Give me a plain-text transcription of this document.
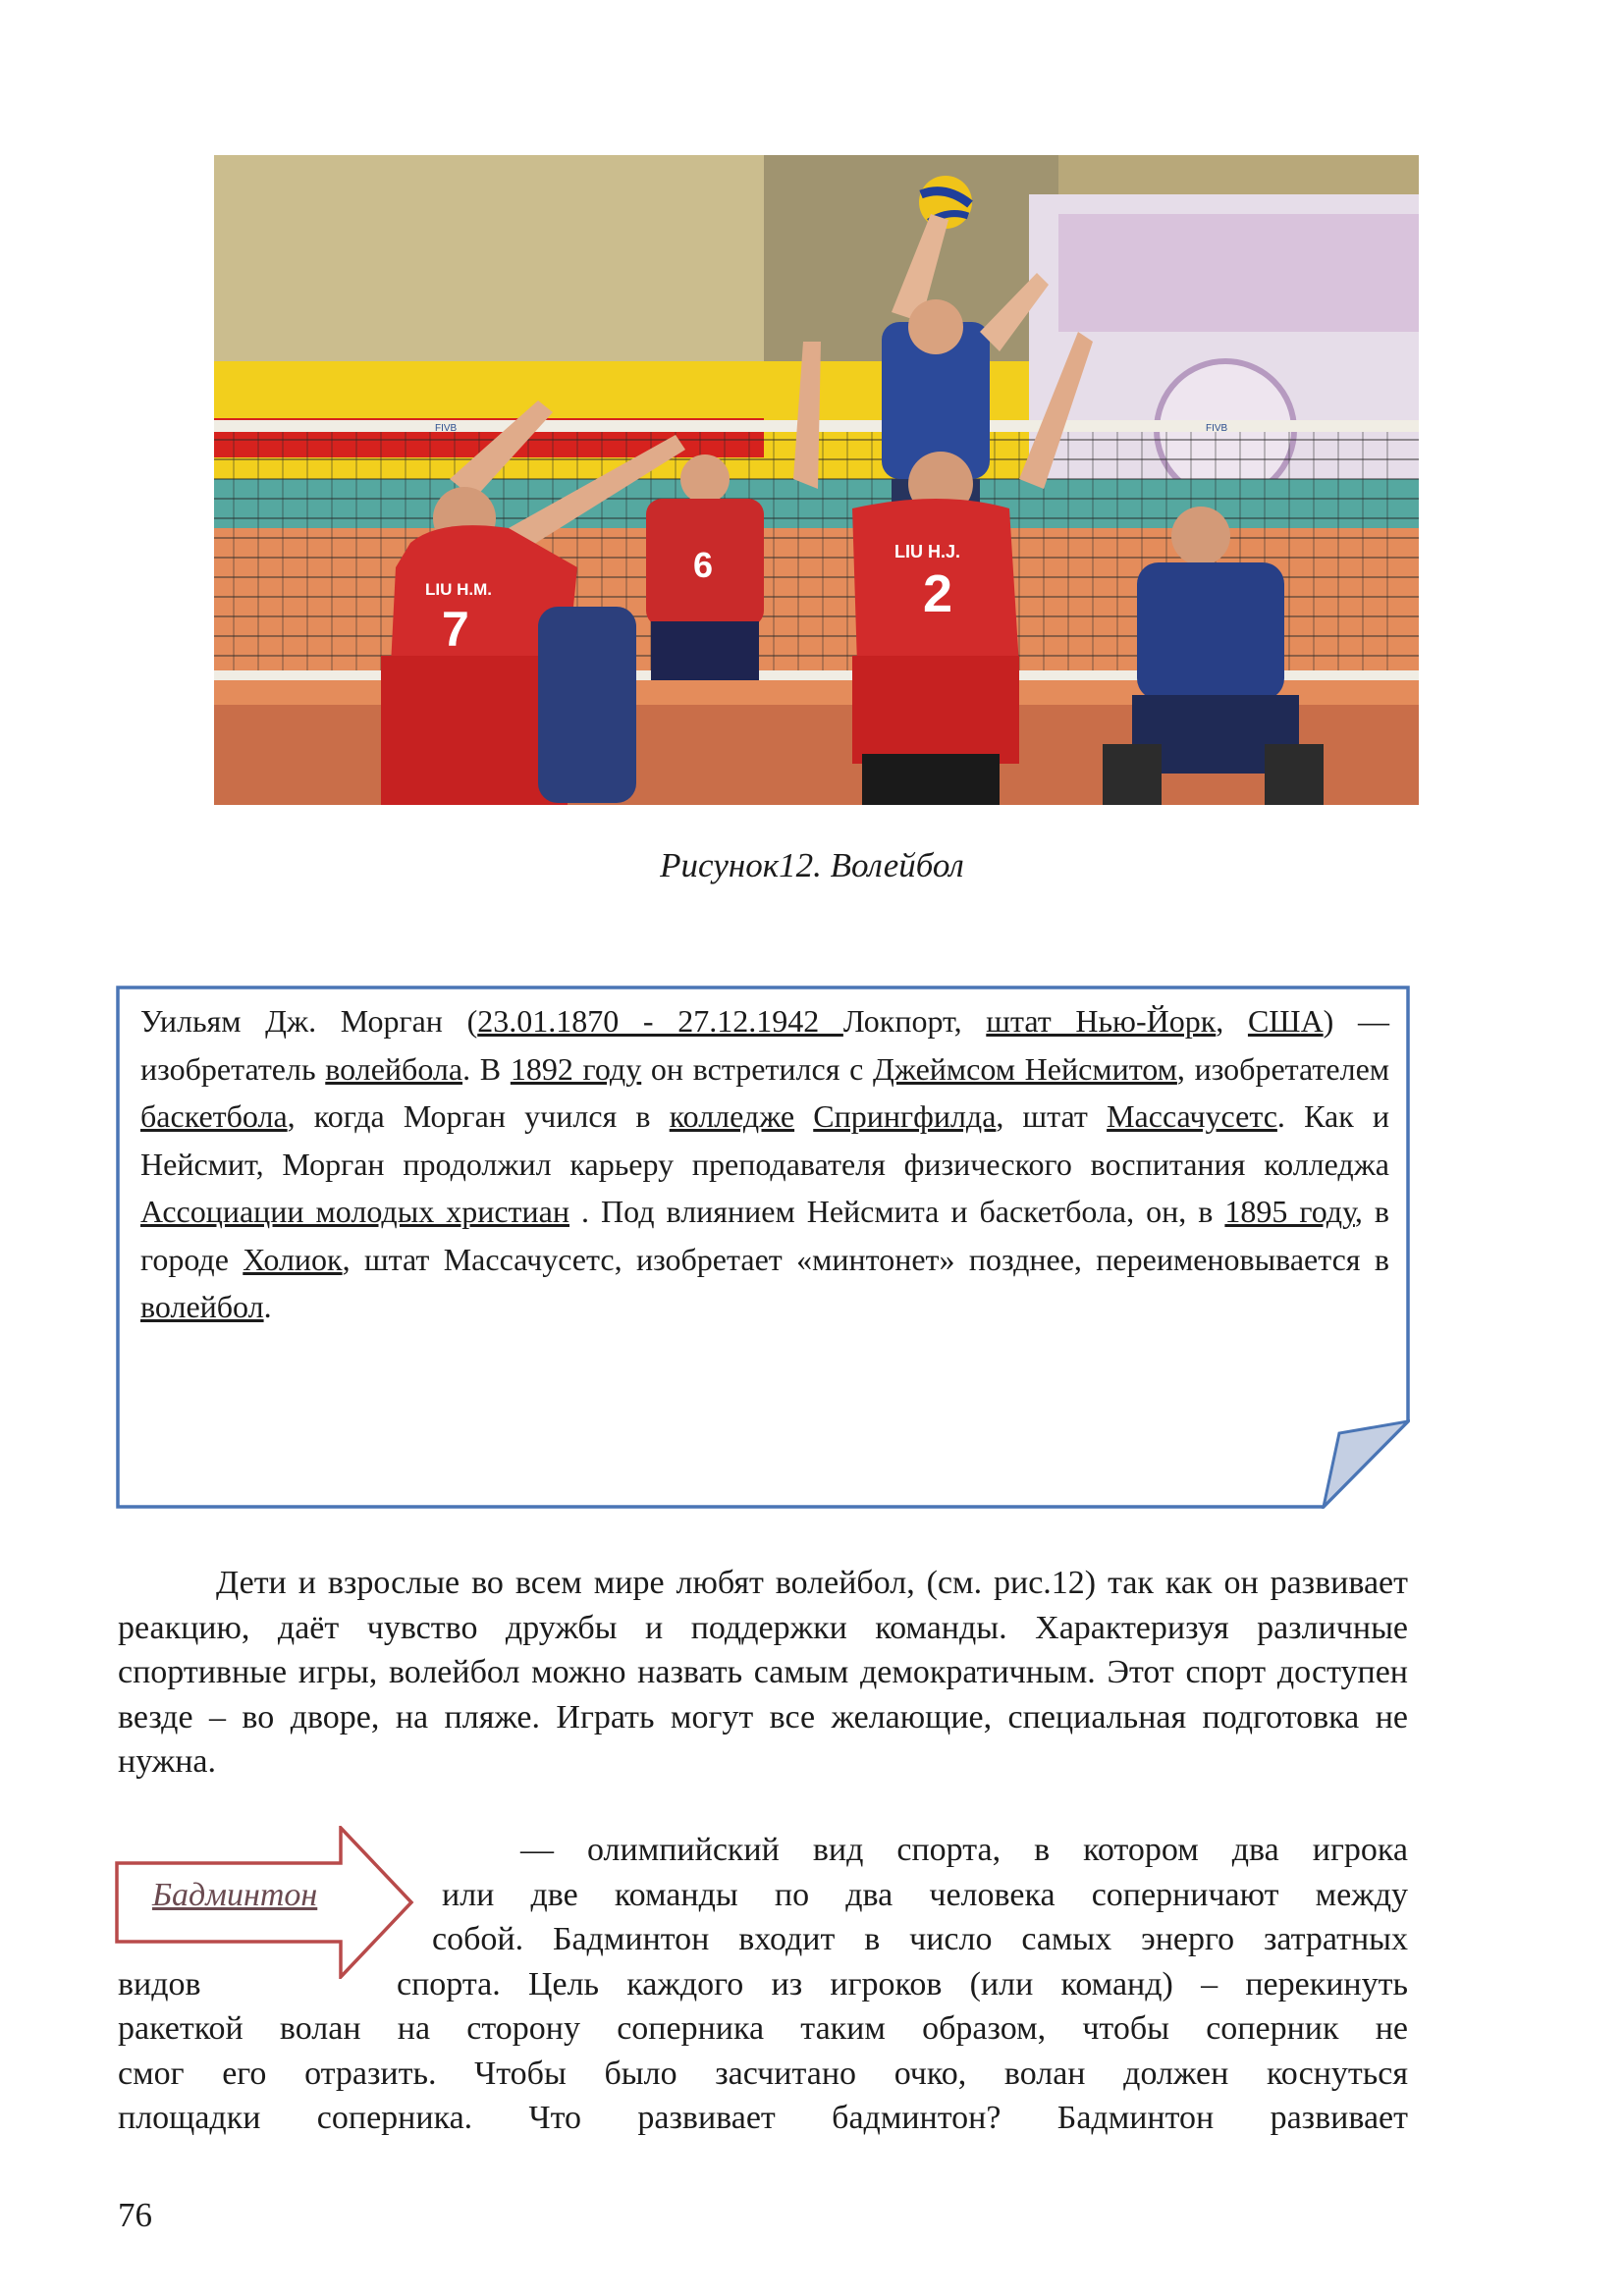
FIVB	FIVB
LIU H.M.
7
6	LIU H.J.
2
Рисунок12. Волейбол
Уильям Дж. Морган (23.01.1870 - 27.12.1942 Локпорт, штат Нью-Йорк, США) — изобретатель волейбола. В 1892 году он встретился с Джеймсом Нейсмитом, изобретателем баскетбола, когда Морган учился в колледже Спрингфилда, штат Массачусетс. Как и Нейсмит, Морган продолжил карьеру преподавателя физического воспитания колледжа Ассоциации молодых христиан . Под влиянием Нейсмита и баскетбола, он, в 1895 году, в городе Холиок, штат Массачусетс, изобретает «минтонет» позднее, переименовывается в волейбол.

Дети и взрослые во всем мире любят волейбол, (см. рис.12) так как он развивает реакцию, даёт чувство дружбы и поддержки команды. Характеризуя различные спортивные игры, волейбол можно назвать самым демократичным. Этот спорт доступен везде – во дворе, на пляже. Играть могут все желающие, специальная подготовка не нужна.

Бадминтон
— олимпийский вид спорта, в котором два игрока
или две команды по два человека соперничают между
собой. Бадминтон входит в число самых энерго затратных
видов	спорта. Цель каждого из игроков (или команд) – перекинуть
ракеткой волан на сторону соперника таким образом, чтобы соперник не
смог его отразить. Чтобы было засчитано очко, волан должен коснуться
площадки соперника. Что развивает бадминтон? Бадминтон развивает
76
